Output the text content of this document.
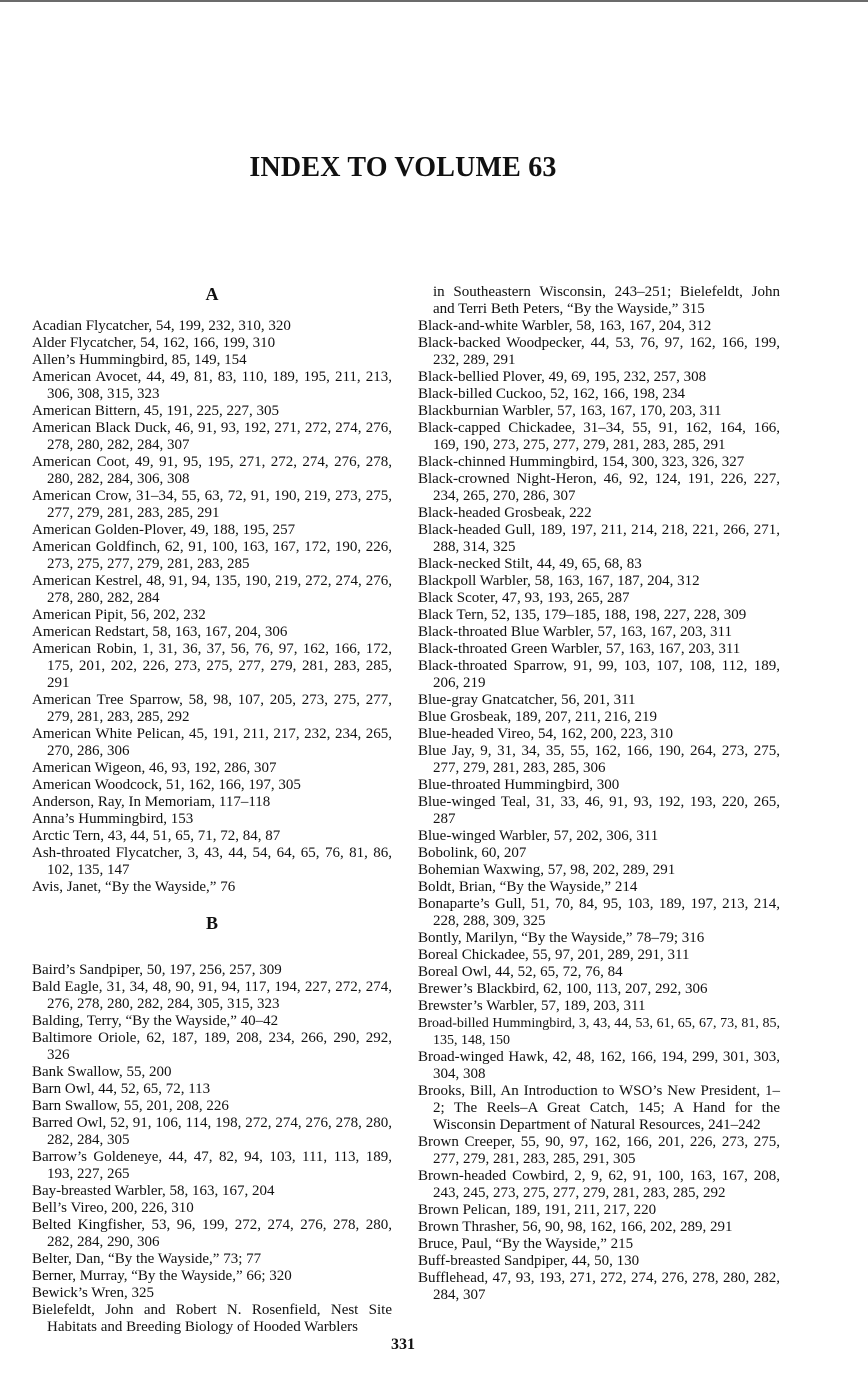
INDEX TO VOLUME 63
A

Acadian Flycatcher, 54, 199, 232, 310, 320

Alder Flycatcher, 54, 162, 166, 199, 310

Allen’s Hummingbird, 85, 149, 154

American Avocet, 44, 49, 81, 83, 110, 189, 195, 211, 213, 306, 308, 315, 323

American Bittern, 45, 191, 225, 227, 305

American Black Duck, 46, 91, 93, 192, 271, 272, 274, 276, 278, 280, 282, 284, 307

American Coot, 49, 91, 95, 195, 271, 272, 274, 276, 278, 280, 282, 284, 306, 308

American Crow, 31–34, 55, 63, 72, 91, 190, 219, 273, 275, 277, 279, 281, 283, 285, 291

American Golden-Plover, 49, 188, 195, 257

American Goldfinch, 62, 91, 100, 163, 167, 172, 190, 226, 273, 275, 277, 279, 281, 283, 285

American Kestrel, 48, 91, 94, 135, 190, 219, 272, 274, 276, 278, 280, 282, 284

American Pipit, 56, 202, 232

American Redstart, 58, 163, 167, 204, 306

American Robin, 1, 31, 36, 37, 56, 76, 97, 162, 166, 172, 175, 201, 202, 226, 273, 275, 277, 279, 281, 283, 285, 291

American Tree Sparrow, 58, 98, 107, 205, 273, 275, 277, 279, 281, 283, 285, 292

American White Pelican, 45, 191, 211, 217, 232, 234, 265, 270, 286, 306

American Wigeon, 46, 93, 192, 286, 307

American Woodcock, 51, 162, 166, 197, 305

Anderson, Ray, In Memoriam, 117–118

Anna’s Hummingbird, 153

Arctic Tern, 43, 44, 51, 65, 71, 72, 84, 87

Ash-throated Flycatcher, 3, 43, 44, 54, 64, 65, 76, 81, 86, 102, 135, 147

Avis, Janet, “By the Wayside,” 76

B

Baird’s Sandpiper, 50, 197, 256, 257, 309

Bald Eagle, 31, 34, 48, 90, 91, 94, 117, 194, 227, 272, 274, 276, 278, 280, 282, 284, 305, 315, 323

Balding, Terry, “By the Wayside,” 40–42

Baltimore Oriole, 62, 187, 189, 208, 234, 266, 290, 292, 326

Bank Swallow, 55, 200

Barn Owl, 44, 52, 65, 72, 113

Barn Swallow, 55, 201, 208, 226

Barred Owl, 52, 91, 106, 114, 198, 272, 274, 276, 278, 280, 282, 284, 305

Barrow’s Goldeneye, 44, 47, 82, 94, 103, 111, 113, 189, 193, 227, 265

Bay-breasted Warbler, 58, 163, 167, 204

Bell’s Vireo, 200, 226, 310

Belted Kingfisher, 53, 96, 199, 272, 274, 276, 278, 280, 282, 284, 290, 306

Belter, Dan, “By the Wayside,” 73; 77

Berner, Murray, “By the Wayside,” 66; 320

Bewick’s Wren, 325

Bielefeldt, John and Robert N. Rosenfield, Nest Site Habitats and Breeding Biology of Hooded Warblers

in Southeastern Wisconsin, 243–251; Bielefeldt, John and Terri Beth Peters, “By the Wayside,” 315

Black-and-white Warbler, 58, 163, 167, 204, 312

Black-backed Woodpecker, 44, 53, 76, 97, 162, 166, 199, 232, 289, 291

Black-bellied Plover, 49, 69, 195, 232, 257, 308

Black-billed Cuckoo, 52, 162, 166, 198, 234

Blackburnian Warbler, 57, 163, 167, 170, 203, 311

Black-capped Chickadee, 31–34, 55, 91, 162, 164, 166, 169, 190, 273, 275, 277, 279, 281, 283, 285, 291

Black-chinned Hummingbird, 154, 300, 323, 326, 327

Black-crowned Night-Heron, 46, 92, 124, 191, 226, 227, 234, 265, 270, 286, 307

Black-headed Grosbeak, 222

Black-headed Gull, 189, 197, 211, 214, 218, 221, 266, 271, 288, 314, 325

Black-necked Stilt, 44, 49, 65, 68, 83

Blackpoll Warbler, 58, 163, 167, 187, 204, 312

Black Scoter, 47, 93, 193, 265, 287

Black Tern, 52, 135, 179–185, 188, 198, 227, 228, 309

Black-throated Blue Warbler, 57, 163, 167, 203, 311

Black-throated Green Warbler, 57, 163, 167, 203, 311

Black-throated Sparrow, 91, 99, 103, 107, 108, 112, 189, 206, 219

Blue-gray Gnatcatcher, 56, 201, 311

Blue Grosbeak, 189, 207, 211, 216, 219

Blue-headed Vireo, 54, 162, 200, 223, 310

Blue Jay, 9, 31, 34, 35, 55, 162, 166, 190, 264, 273, 275, 277, 279, 281, 283, 285, 306

Blue-throated Hummingbird, 300

Blue-winged Teal, 31, 33, 46, 91, 93, 192, 193, 220, 265, 287

Blue-winged Warbler, 57, 202, 306, 311

Bobolink, 60, 207

Bohemian Waxwing, 57, 98, 202, 289, 291

Boldt, Brian, “By the Wayside,” 214

Bonaparte’s Gull, 51, 70, 84, 95, 103, 189, 197, 213, 214, 228, 288, 309, 325

Bontly, Marilyn, “By the Wayside,” 78–79; 316

Boreal Chickadee, 55, 97, 201, 289, 291, 311

Boreal Owl, 44, 52, 65, 72, 76, 84

Brewer’s Blackbird, 62, 100, 113, 207, 292, 306

Brewster’s Warbler, 57, 189, 203, 311

Broad-billed Hummingbird, 3, 43, 44, 53, 61, 65, 67, 73, 81, 85, 135, 148, 150

Broad-winged Hawk, 42, 48, 162, 166, 194, 299, 301, 303, 304, 308

Brooks, Bill, An Introduction to WSO’s New President, 1–2; The Reels–A Great Catch, 145; A Hand for the Wisconsin Department of Natural Resources, 241–242

Brown Creeper, 55, 90, 97, 162, 166, 201, 226, 273, 275, 277, 279, 281, 283, 285, 291, 305

Brown-headed Cowbird, 2, 9, 62, 91, 100, 163, 167, 208, 243, 245, 273, 275, 277, 279, 281, 283, 285, 292

Brown Pelican, 189, 191, 211, 217, 220

Brown Thrasher, 56, 90, 98, 162, 166, 202, 289, 291

Bruce, Paul, “By the Wayside,” 215

Buff-breasted Sandpiper, 44, 50, 130

Bufflehead, 47, 93, 193, 271, 272, 274, 276, 278, 280, 282, 284, 307

331
